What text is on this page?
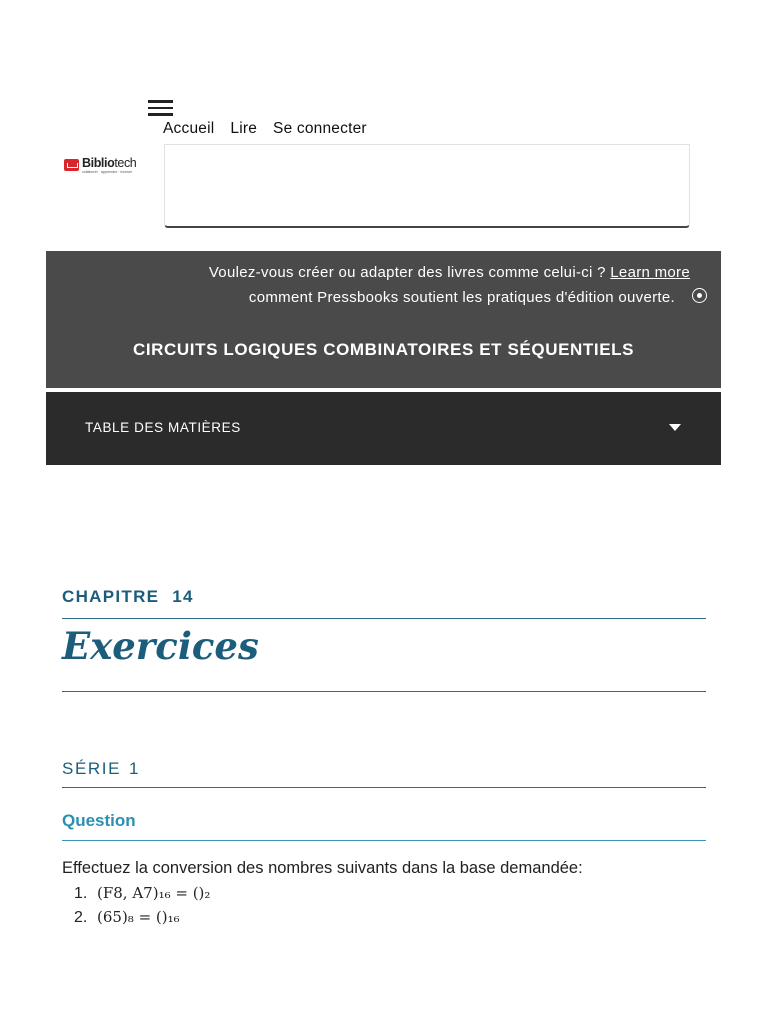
Accueil Lire Se connecter
Bibliotech
collaborer · apprendre · innover
Voulez-vous créer ou adapter des livres comme celui-ci ? Learn more
comment Pressbooks soutient les pratiques d'édition ouverte.
CIRCUITS LOGIQUES COMBINATOIRES ET SÉQUENTIELS
TABLE DES MATIÈRES
CHAPITRE 14
Exercices
SÉRIE 1
Question

Effectuez la conversion des nombres suivants dans la base demandée:

1. (F8, A7)₁₆ = ()₂
2. (65)₈ = ()₁₆
